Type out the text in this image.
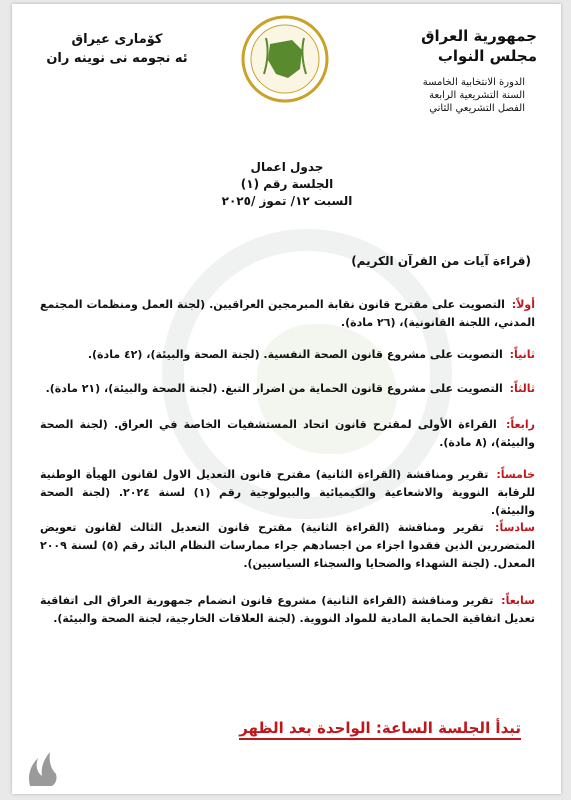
جمهورية العراق
مجلس النواب
الدورة الانتخابية الخامسة
السنة التشريعية الرابعة
الفصل التشريعي الثاني
كۆماری عیراق
ئه نجومه نی نوینه ران
جدول اعمال
الجلسة رقم (١)
السبت ١٢/ تموز /٢٠٢٥
(قراءة آيات من القرآن الكريم)
أولاً: التصويت على مقترح قانون نقابة المبرمجين العراقيين. (لجنة العمل ومنظمات المجتمع المدني، اللجنة القانونية)، (٢٦ مادة).
ثانياً: التصويت على مشروع قانون الصحة النفسية. (لجنة الصحة والبيئة)، (٤٢ مادة).
ثالثاً: التصويت على مشروع قانون الحماية من اضرار التبغ. (لجنة الصحة والبيئة)، (٢١ مادة).
رابعاً: القراءة الأولى لمقترح قانون اتحاد المستشفيات الخاصة في العراق. (لجنة الصحة والبيئة)، (٨ مادة).
خامساً: تقرير ومناقشة (القراءة الثانية) مقترح قانون التعديل الاول لقانون الهيأة الوطنية للرقابة النووية والاشعاعية والكيميائية والبيولوجية رقم (١) لسنة ٢٠٢٤. (لجنة الصحة والبيئة).
سادساً: تقرير ومناقشة (القراءة الثانية) مقترح قانون التعديل الثالث لقانون تعويض المتضررين الذين فقدوا اجزاء من اجسادهم جراء ممارسات النظام البائد رقم (٥) لسنة ٢٠٠٩ المعدل. (لجنة الشهداء والضحايا والسجناء السياسيين).
سابعاً: تقرير ومناقشة (القراءة الثانية) مشروع قانون انضمام جمهورية العراق الى اتفاقية تعديل اتفاقية الحماية المادية للمواد النووية. (لجنة العلاقات الخارجية، لجنة الصحة والبيئة).
تبدأ الجلسة الساعة: الواحدة بعد الظهر
